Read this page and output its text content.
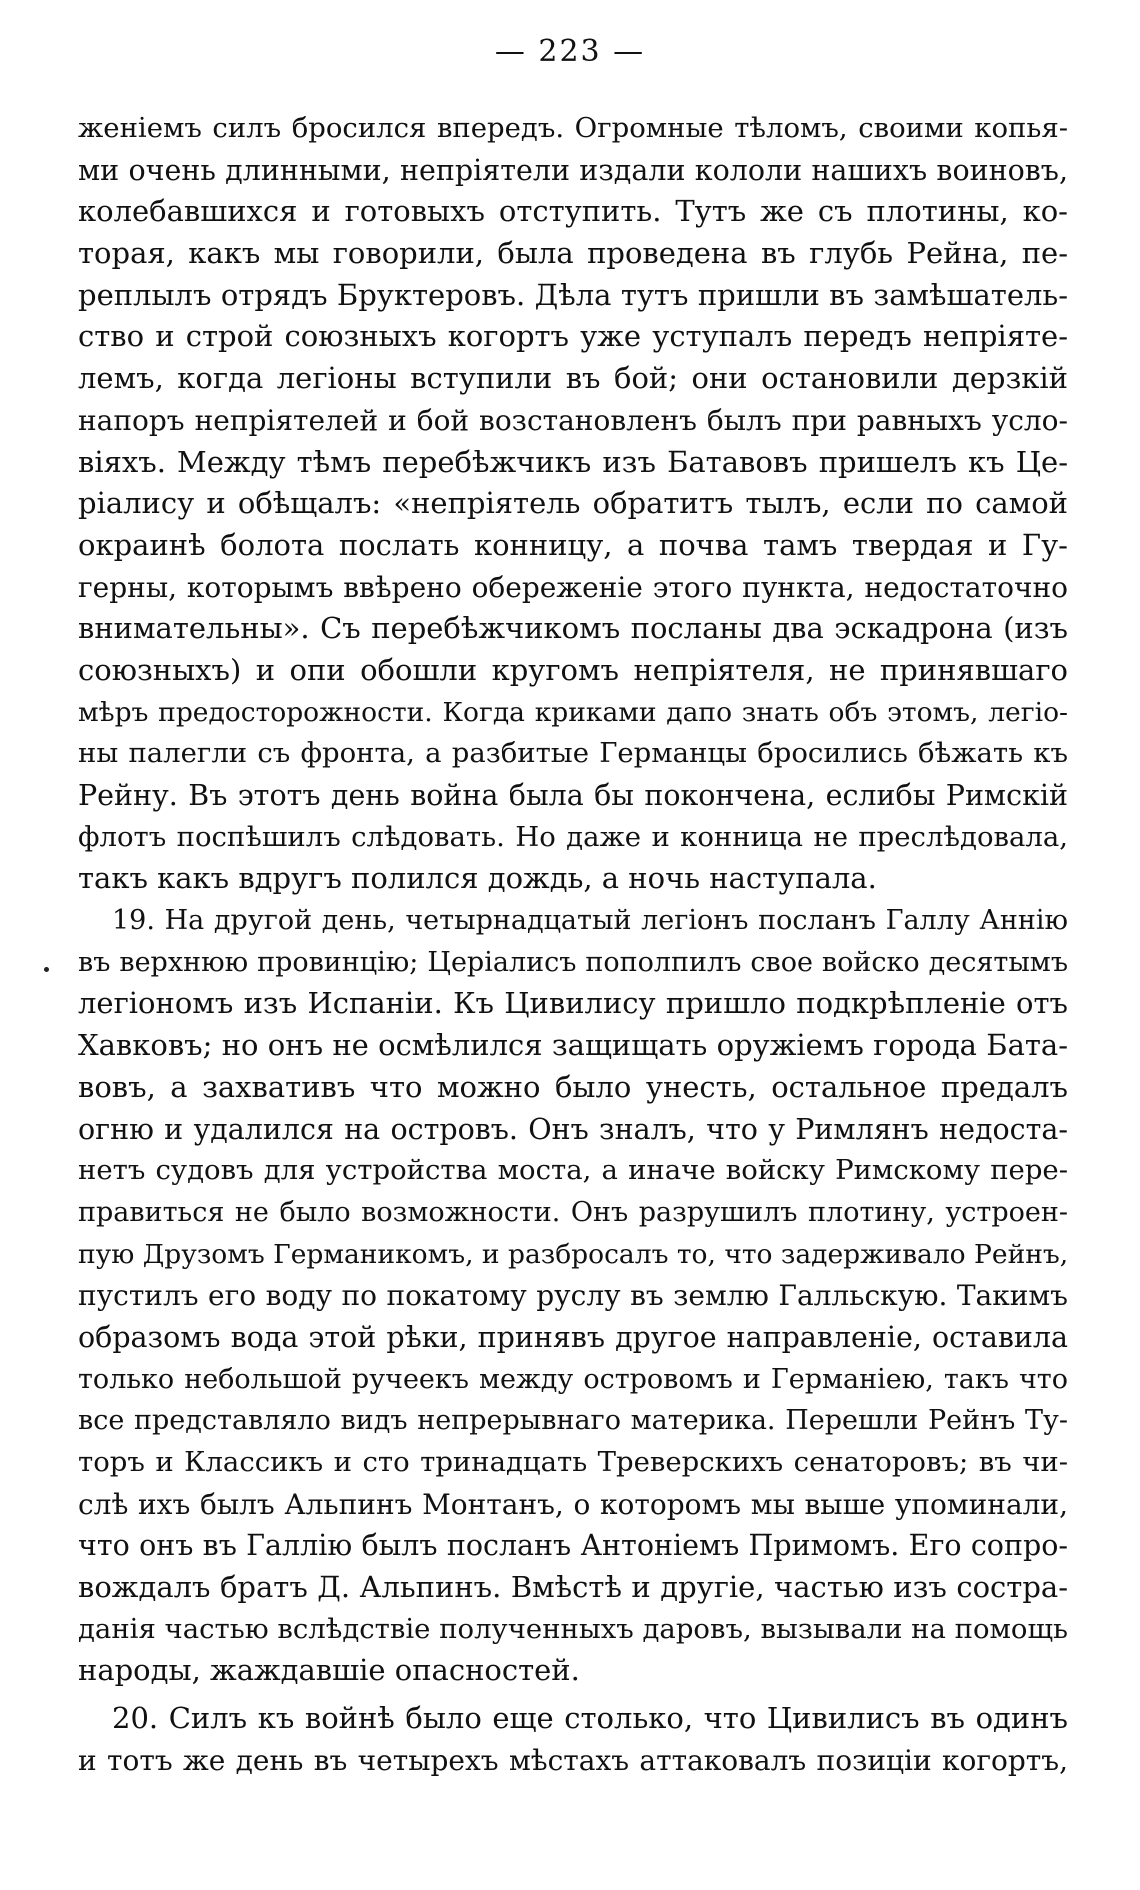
— 223 —
женіемъ силъ бросился впередъ. Огромные тѣломъ, своими копья-
ми очень длинными, непріятели издали кололи нашихъ воиновъ,
колебавшихся и готовыхъ отступить. Тутъ же съ плотины, ко-
торая, какъ мы говорили, была проведена въ глубь Рейна, пе-
реплылъ отрядъ Бруктеровъ. Дѣла тутъ пришли въ замѣшатель-
ство и строй союзныхъ когортъ уже уступалъ передъ непріяте-
лемъ, когда легіоны вступили въ бой; они остановили дерзкій
напоръ непріятелей и бой возстановленъ былъ при равныхъ усло-
віяхъ. Между тѣмъ перебѣжчикъ изъ Батавовъ пришелъ къ Це-
ріалису и обѣщалъ: «непріятель обратитъ тылъ, если по самой
окраинѣ болота послать конницу, а почва тамъ твердая и Гу-
герны, которымъ ввѣрено обереженіе этого пункта, недостаточно
внимательны». Съ перебѣжчикомъ посланы два эскадрона (изъ
союзныхъ) и опи обошли кругомъ непріятеля, не принявшаго
мѣръ предосторожности. Когда криками дапо знать объ этомъ, легіо-
ны палегли съ фронта, а разбитые Германцы бросились бѣжать къ
Рейну. Въ этотъ день война была бы покончена, еслибы Римскій
флотъ поспѣшилъ слѣдовать. Но даже и конница не преслѣдовала,
такъ какъ вдругъ полился дождь, а ночь наступала.
19. На другой день, четырнадцатый легіонъ посланъ Галлу Аннію
въ верхнюю провинцію; Церіалисъ пополпилъ свое войско десятымъ
легіономъ изъ Испаніи. Къ Цивилису пришло подкрѣпленіе отъ
Хавковъ; но онъ не осмѣлился защищать оружіемъ города Бата-
вовъ, а захвативъ что можно было унесть, остальное предалъ
огню и удалился на островъ. Онъ зналъ, что у Римлянъ недоста-
нетъ судовъ для устройства моста, а иначе войску Римскому пере-
правиться не было возможности. Онъ разрушилъ плотину, устроен-
пую Друзомъ Германикомъ, и разбросалъ то, что задерживало Рейнъ,
пустилъ его воду по покатому руслу въ землю Галльскую. Такимъ
образомъ вода этой рѣки, принявъ другое направленіе, оставила
только небольшой ручеекъ между островомъ и Германіею, такъ что
все представляло видъ непрерывнаго материка. Перешли Рейнъ Ту-
торъ и Классикъ и сто тринадцать Треверскихъ сенаторовъ; въ чи-
слѣ ихъ былъ Альпинъ Монтанъ, о которомъ мы выше упоминали,
что онъ въ Галлію былъ посланъ Антоніемъ Примомъ. Его сопро-
вождалъ братъ Д. Альпинъ. Вмѣстѣ и другіе, частью изъ состра-
данія частью вслѣдствіе полученныхъ даровъ, вызывали на помощь
народы, жаждавшіе опасностей.
20. Силъ къ войнѣ было еще столько, что Цивилисъ въ одинъ
и тотъ же день въ четырехъ мѣстахъ аттаковалъ позиціи когортъ,
